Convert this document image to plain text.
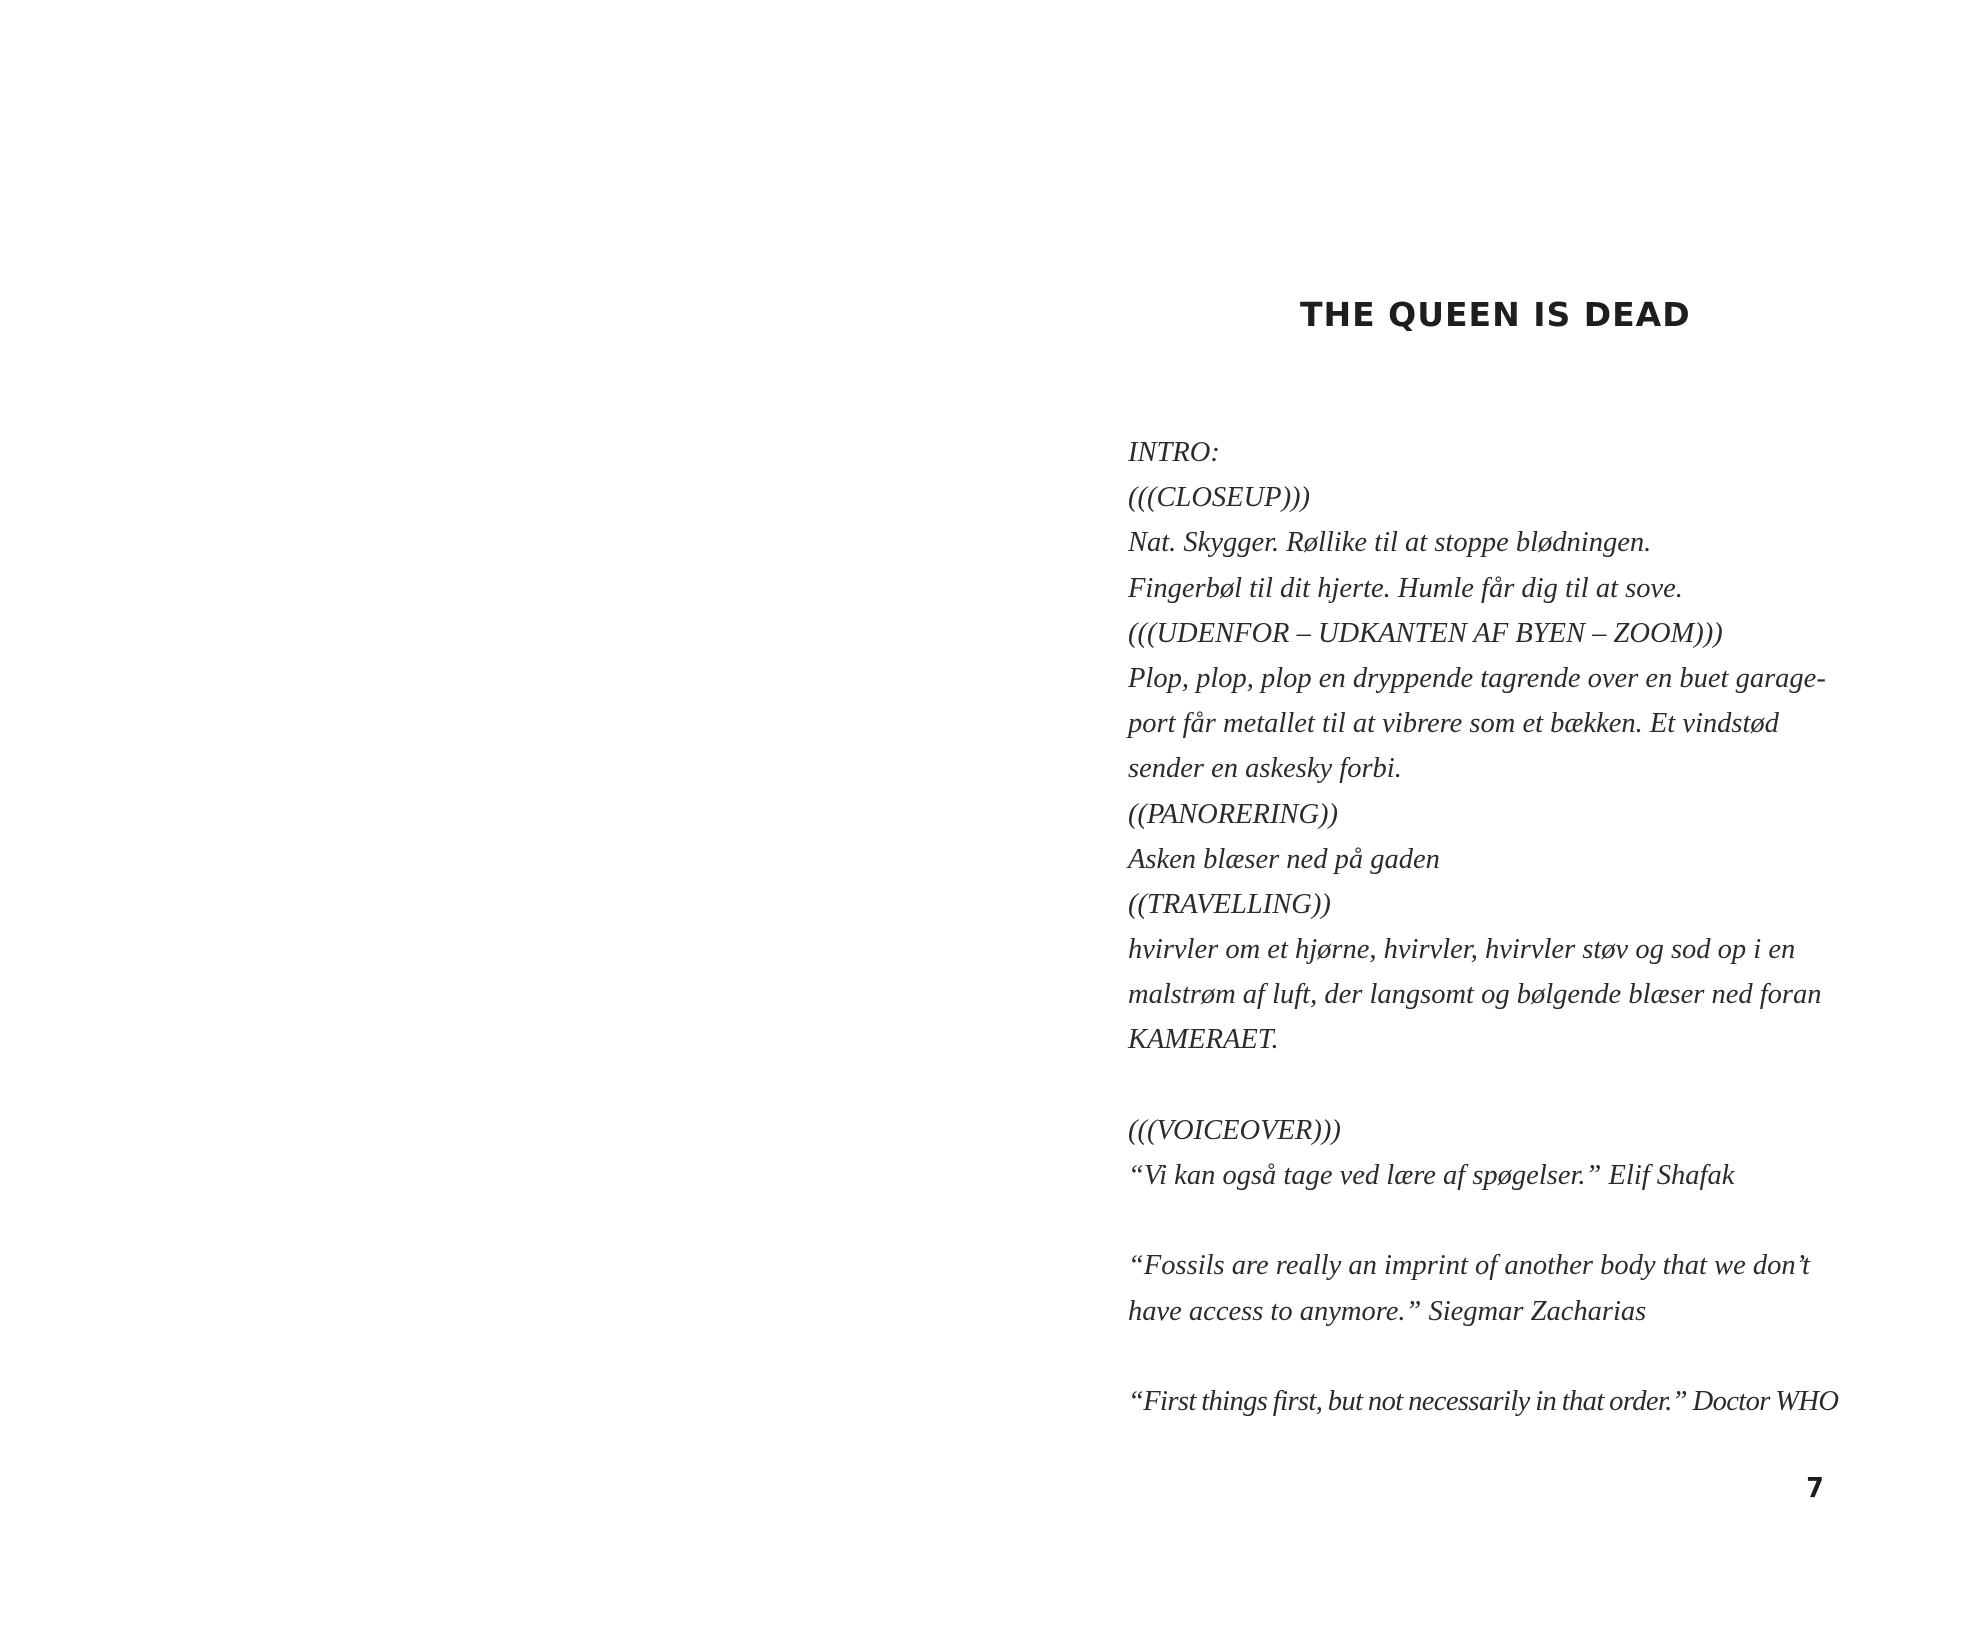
THE QUEEN IS DEAD
INTRO:
(((CLOSEUP)))
Nat. Skygger. Røllike til at stoppe blødningen.
Fingerbøl til dit hjerte. Humle får dig til at sove.
(((UDENFOR – UDKANTEN AF BYEN – ZOOM)))
Plop, plop, plop en dryppende tagrende over en buet garage-
port får metallet til at vibrere som et bækken. Et vindstød
sender en askesky forbi.
((PANORERING))
Asken blæser ned på gaden
((TRAVELLING))
hvirvler om et hjørne, hvirvler, hvirvler støv og sod op i en
malstrøm af luft, der langsomt og bølgende blæser ned foran
KAMERAET.
(((VOICEOVER)))
“Vi kan også tage ved lære af spøgelser.” Elif Shafak
“Fossils are really an imprint of another body that we don’t
have access to anymore.” Siegmar Zacharias
“First things first, but not necessarily in that order.” Doctor WHO
7
